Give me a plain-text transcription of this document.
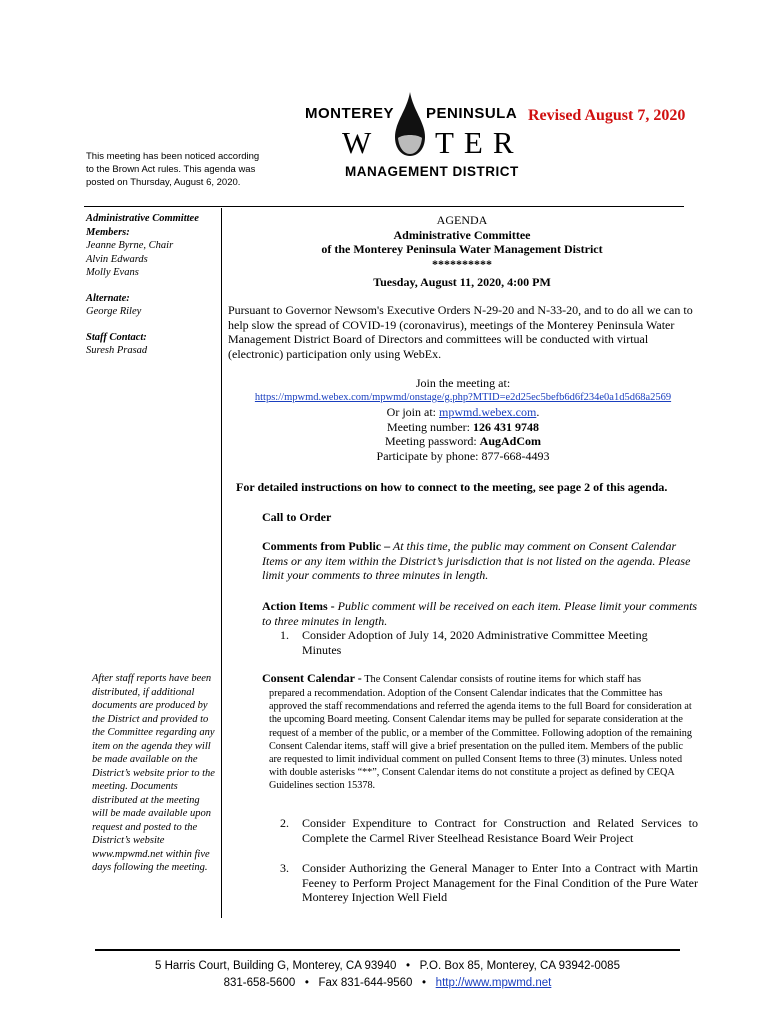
MONTEREY PENINSULA
W TER
MANAGEMENT DISTRICT
Revised August 7, 2020
This meeting has been noticed according
to the Brown Act rules. This agenda was
posted on Thursday, August 6, 2020.
Administrative Committee Members:
Jeanne Byrne, Chair
Alvin Edwards
Molly Evans
Alternate:
George Riley
Staff Contact:
Suresh Prasad
After staff reports have been distributed, if additional documents are produced by the District and provided to the Committee regarding any item on the agenda they will be made available on the District’s website prior to the meeting. Documents distributed at the meeting will be made available upon request and posted to the District’s website www.mpwmd.net within five days following the meeting.
AGENDA
Administrative Committee
of the Monterey Peninsula Water Management District
**********
Tuesday, August 11, 2020, 4:00 PM
Pursuant to Governor Newsom's Executive Orders N-29-20 and N-33-20, and to do all we can to help slow the spread of COVID-19 (coronavirus), meetings of the Monterey Peninsula Water Management District Board of Directors and committees will be conducted with virtual (electronic) participation only using WebEx.
Join the meeting at:
https://mpwmd.webex.com/mpwmd/onstage/g.php?MTID=e2d25ec5befb6d6f234e0a1d5d68a2569
Or join at: mpwmd.webex.com.
Meeting number: 126 431 9748
Meeting password: AugAdCom
Participate by phone: 877-668-4493
For detailed instructions on how to connect to the meeting, see page 2 of this agenda.
Call to Order
Comments from Public – At this time, the public may comment on Consent Calendar Items or any item within the District’s jurisdiction that is not listed on the agenda. Please limit your comments to three minutes in length.
Action Items - Public comment will be received on each item. Please limit your comments to three minutes in length.
1. Consider Adoption of July 14, 2020 Administrative Committee Meeting Minutes
Consent Calendar - The Consent Calendar consists of routine items for which staff has
prepared a recommendation. Adoption of the Consent Calendar indicates that the Committee has approved the staff recommendations and referred the agenda items to the full Board for consideration at the upcoming Board meeting. Consent Calendar items may be pulled for separate consideration at the request of a member of the public, or a member of the Committee. Following adoption of the remaining Consent Calendar items, staff will give a brief presentation on the pulled item. Members of the public are requested to limit individual comment on pulled Consent Items to three (3) minutes. Unless noted with double asterisks “**”, Consent Calendar items do not constitute a project as defined by CEQA Guidelines section 15378.
2. Consider Expenditure to Contract for Construction and Related Services to Complete the Carmel River Steelhead Resistance Board Weir Project
3. Consider Authorizing the General Manager to Enter Into a Contract with Martin Feeney to Perform Project Management for the Final Condition of the Pure Water Monterey Injection Well Field
5 Harris Court, Building G, Monterey, CA 93940 • P.O. Box 85, Monterey, CA 93942-0085
831-658-5600 • Fax 831-644-9560 • http://www.mpwmd.net
